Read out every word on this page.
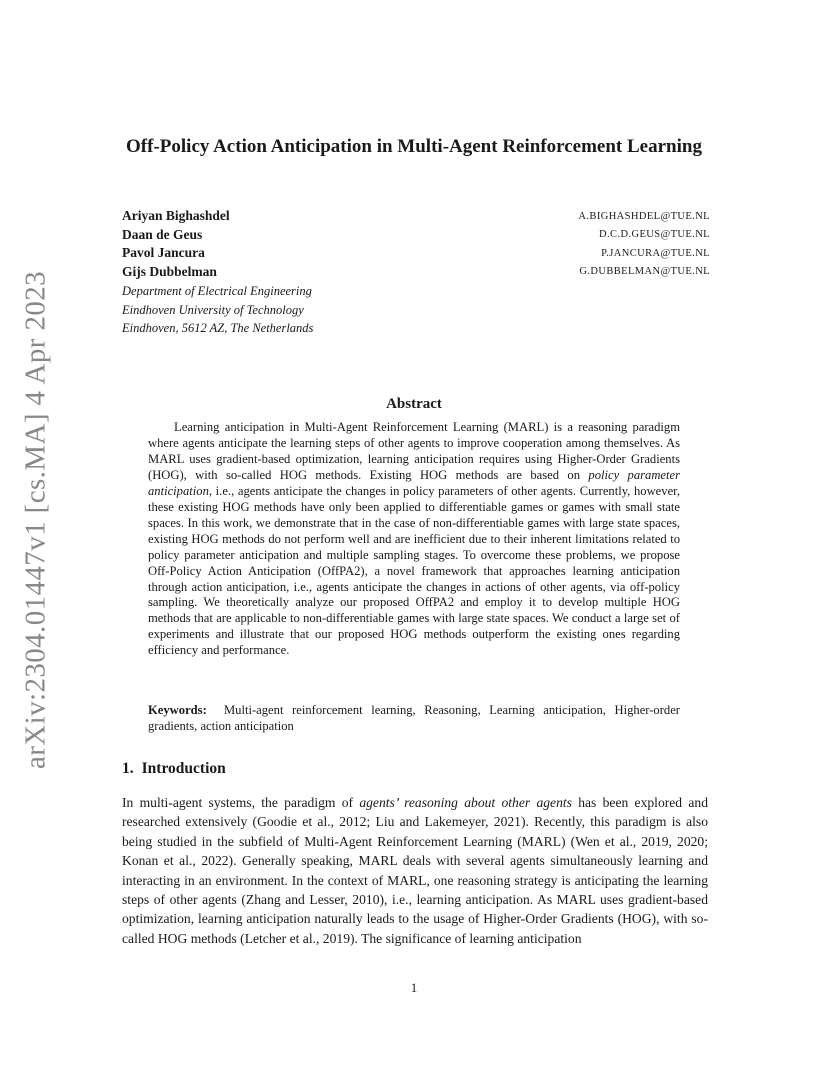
arXiv:2304.01447v1 [cs.MA] 4 Apr 2023
Off-Policy Action Anticipation in Multi-Agent Reinforcement Learning
Ariyan Bighashdel	A.BIGHASHDEL@TUE.NL
Daan de Geus	D.C.D.GEUS@TUE.NL
Pavol Jancura	P.JANCURA@TUE.NL
Gijs Dubbelman	G.DUBBELMAN@TUE.NL
Department of Electrical Engineering
Eindhoven University of Technology
Eindhoven, 5612 AZ, The Netherlands
Abstract
Learning anticipation in Multi-Agent Reinforcement Learning (MARL) is a reasoning paradigm where agents anticipate the learning steps of other agents to improve cooperation among themselves. As MARL uses gradient-based optimization, learning anticipation requires using Higher-Order Gradients (HOG), with so-called HOG methods. Existing HOG methods are based on policy parameter anticipation, i.e., agents anticipate the changes in policy parameters of other agents. Currently, however, these existing HOG methods have only been applied to differentiable games or games with small state spaces. In this work, we demonstrate that in the case of non-differentiable games with large state spaces, existing HOG methods do not perform well and are inefficient due to their inherent limitations related to policy parameter anticipation and multiple sampling stages. To overcome these problems, we propose Off-Policy Action Anticipation (OffPA2), a novel framework that approaches learning anticipation through action anticipation, i.e., agents anticipate the changes in actions of other agents, via off-policy sampling. We theoretically analyze our proposed OffPA2 and employ it to develop multiple HOG methods that are applicable to non-differentiable games with large state spaces. We conduct a large set of experiments and illustrate that our proposed HOG methods outperform the existing ones regarding efficiency and performance.
Keywords: Multi-agent reinforcement learning, Reasoning, Learning anticipation, Higher-order gradients, action anticipation
1. Introduction
In multi-agent systems, the paradigm of agents’ reasoning about other agents has been explored and researched extensively (Goodie et al., 2012; Liu and Lakemeyer, 2021). Recently, this paradigm is also being studied in the subfield of Multi-Agent Reinforcement Learning (MARL) (Wen et al., 2019, 2020; Konan et al., 2022). Generally speaking, MARL deals with several agents simultaneously learning and interacting in an environment. In the context of MARL, one reasoning strategy is anticipating the learning steps of other agents (Zhang and Lesser, 2010), i.e., learning anticipation. As MARL uses gradient-based optimization, learning anticipation naturally leads to the usage of Higher-Order Gradients (HOG), with so-called HOG methods (Letcher et al., 2019). The significance of learning anticipation
1
